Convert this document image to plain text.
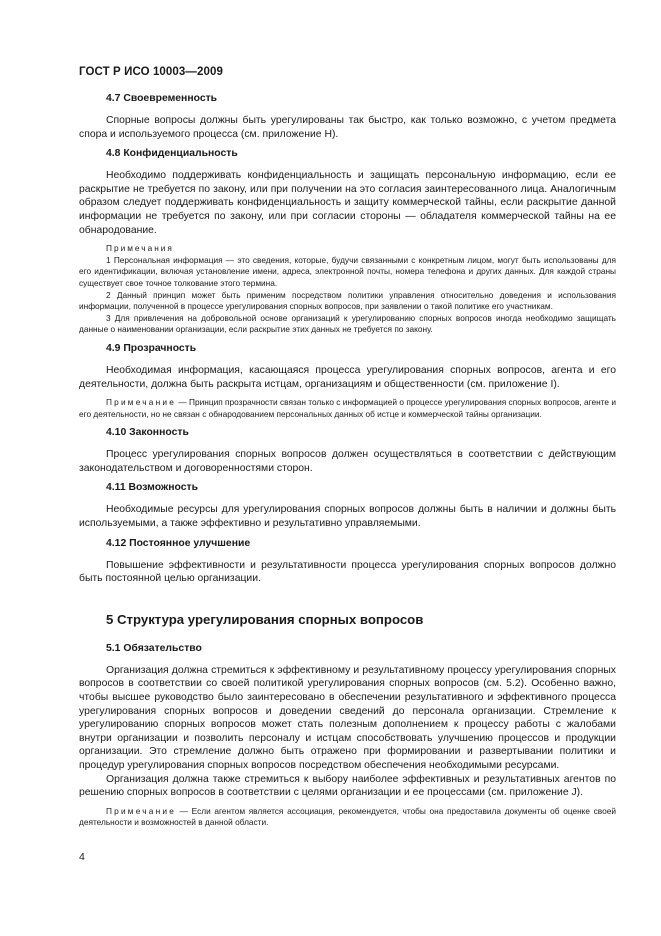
ГОСТ Р ИСО 10003—2009
4.7 Своевременность

Спорные вопросы должны быть урегулированы так быстро, как только возможно, с учетом предмета спора и используемого процесса (см. приложение Н).

4.8 Конфиденциальность

Необходимо поддерживать конфиденциальность и защищать персональную информацию, если ее раскрытие не требуется по закону, или при получении на это согласия заинтересованного лица. Аналогичным образом следует поддерживать конфиденциальность и защиту коммерческой тайны, если раскрытие данной информации не требуется по закону, или при согласии стороны — обладателя коммерческой тайны на ее обнародование.

Примечания

1 Персональная информация — это сведения, которые, будучи связанными с конкретным лицом, могут быть использованы для его идентификации, включая установление имени, адреса, электронной почты, номера телефона и других данных. Для каждой страны существует свое точное толкование этого термина.

2 Данный принцип может быть применим посредством политики управления относительно доведения и использования информации, полученной в процессе урегулирования спорных вопросов, при заявлении о такой политике его участникам.

3 Для привлечения на добровольной основе организаций к урегулированию спорных вопросов иногда необходимо защищать данные о наименовании организации, если раскрытие этих данных не требуется по закону.

4.9 Прозрачность

Необходимая информация, касающаяся процесса урегулирования спорных вопросов, агента и его деятельности, должна быть раскрыта истцам, организациям и общественности (см. приложение I).

Примечание — Принцип прозрачности связан только с информацией о процессе урегулирования спорных вопросов, агенте и его деятельности, но не связан с обнародованием персональных данных об истце и коммерческой тайны организации.

4.10 Законность

Процесс урегулирования спорных вопросов должен осуществляться в соответствии с действующим законодательством и договоренностями сторон.

4.11 Возможность

Необходимые ресурсы для урегулирования спорных вопросов должны быть в наличии и должны быть используемыми, а также эффективно и результативно управляемыми.

4.12 Постоянное улучшение

Повышение эффективности и результативности процесса урегулирования спорных вопросов должно быть постоянной целью организации.

5 Структура урегулирования спорных вопросов
5.1 Обязательство

Организация должна стремиться к эффективному и результативному процессу урегулирования спорных вопросов в соответствии со своей политикой урегулирования спорных вопросов (см. 5.2). Особенно важно, чтобы высшее руководство было заинтересовано в обеспечении результативного и эффективного процесса урегулирования спорных вопросов и доведении сведений до персонала организации. Стремление к урегулированию спорных вопросов может стать полезным дополнением к процессу работы с жалобами внутри организации и позволить персоналу и истцам способствовать улучшению процессов и продукции организации. Это стремление должно быть отражено при формировании и развертывании политики и процедур урегулирования спорных вопросов посредством обеспечения необходимыми ресурсами.

Организация должна также стремиться к выбору наиболее эффективных и результативных агентов по решению спорных вопросов в соответствии с целями организации и ее процессами (см. приложение J).

Примечание — Если агентом является ассоциация, рекомендуется, чтобы она предоставила документы об оценке своей деятельности и возможностей в данной области.

4
